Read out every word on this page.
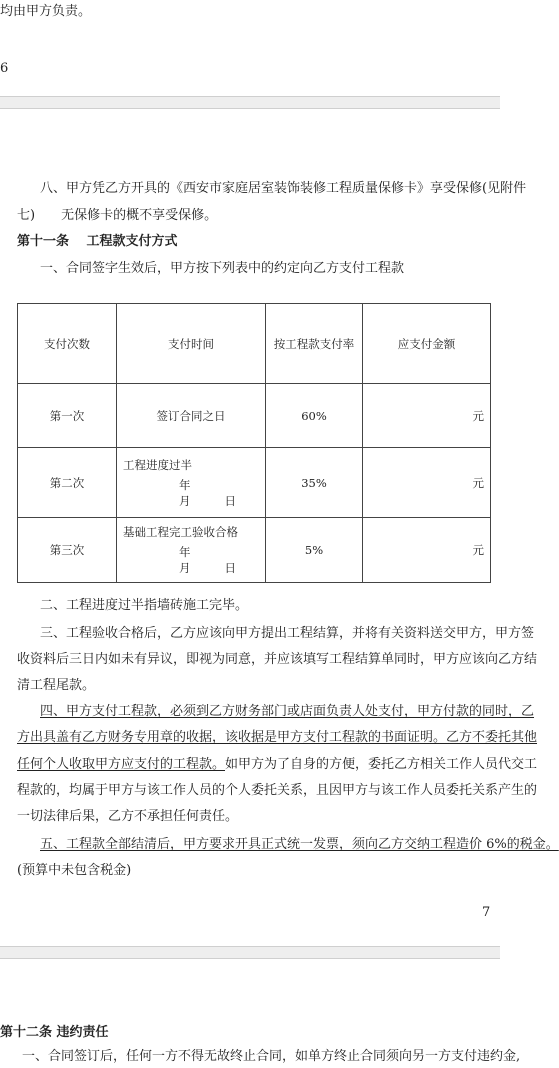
均由甲方负责。
6
八、甲方凭乙方开具的《西安市家庭居室装饰装修工程质量保修卡》享受保修(见附件
七)　　无保修卡的概不享受保修。
第十一条　 工程款支付方式
一、合同签字生效后，甲方按下列表中的约定向乙方支付工程款
支付次数	支付时间	按工程款支付率	应支付金额
第一次	签订合同之日	60%	元
第二次	工程进度过半
年月 日	35%	元
第三次	基础工程完工验收合格
年月 日	5%	元
二、工程进度过半指墙砖施工完毕。
三、工程验收合格后，乙方应该向甲方提出工程结算，并将有关资料送交甲方，甲方签
收资料后三日内如未有异议，即视为同意，并应该填写工程结算单同时，甲方应该向乙方结
清工程尾款。
四、甲方支付工程款，必须到乙方财务部门或店面负责人处支付，甲方付款的同时，乙
方出具盖有乙方财务专用章的收据，该收据是甲方支付工程款的书面证明。乙方不委托其他
任何个人收取甲方应支付的工程款。如甲方为了自身的方便，委托乙方相关工作人员代交工
程款的，均属于甲方与该工作人员的个人委托关系，且因甲方与该工作人员委托关系产生的
一切法律后果，乙方不承担任何责任。
五、工程款全部结清后，甲方要求开具正式统一发票，须向乙方交纳工程造价 6%的税金。
(预算中未包含税金)
7
第十二条 违约责任
一、合同签订后，任何一方不得无故终止合同，如单方终止合同须向另一方支付违约金,
